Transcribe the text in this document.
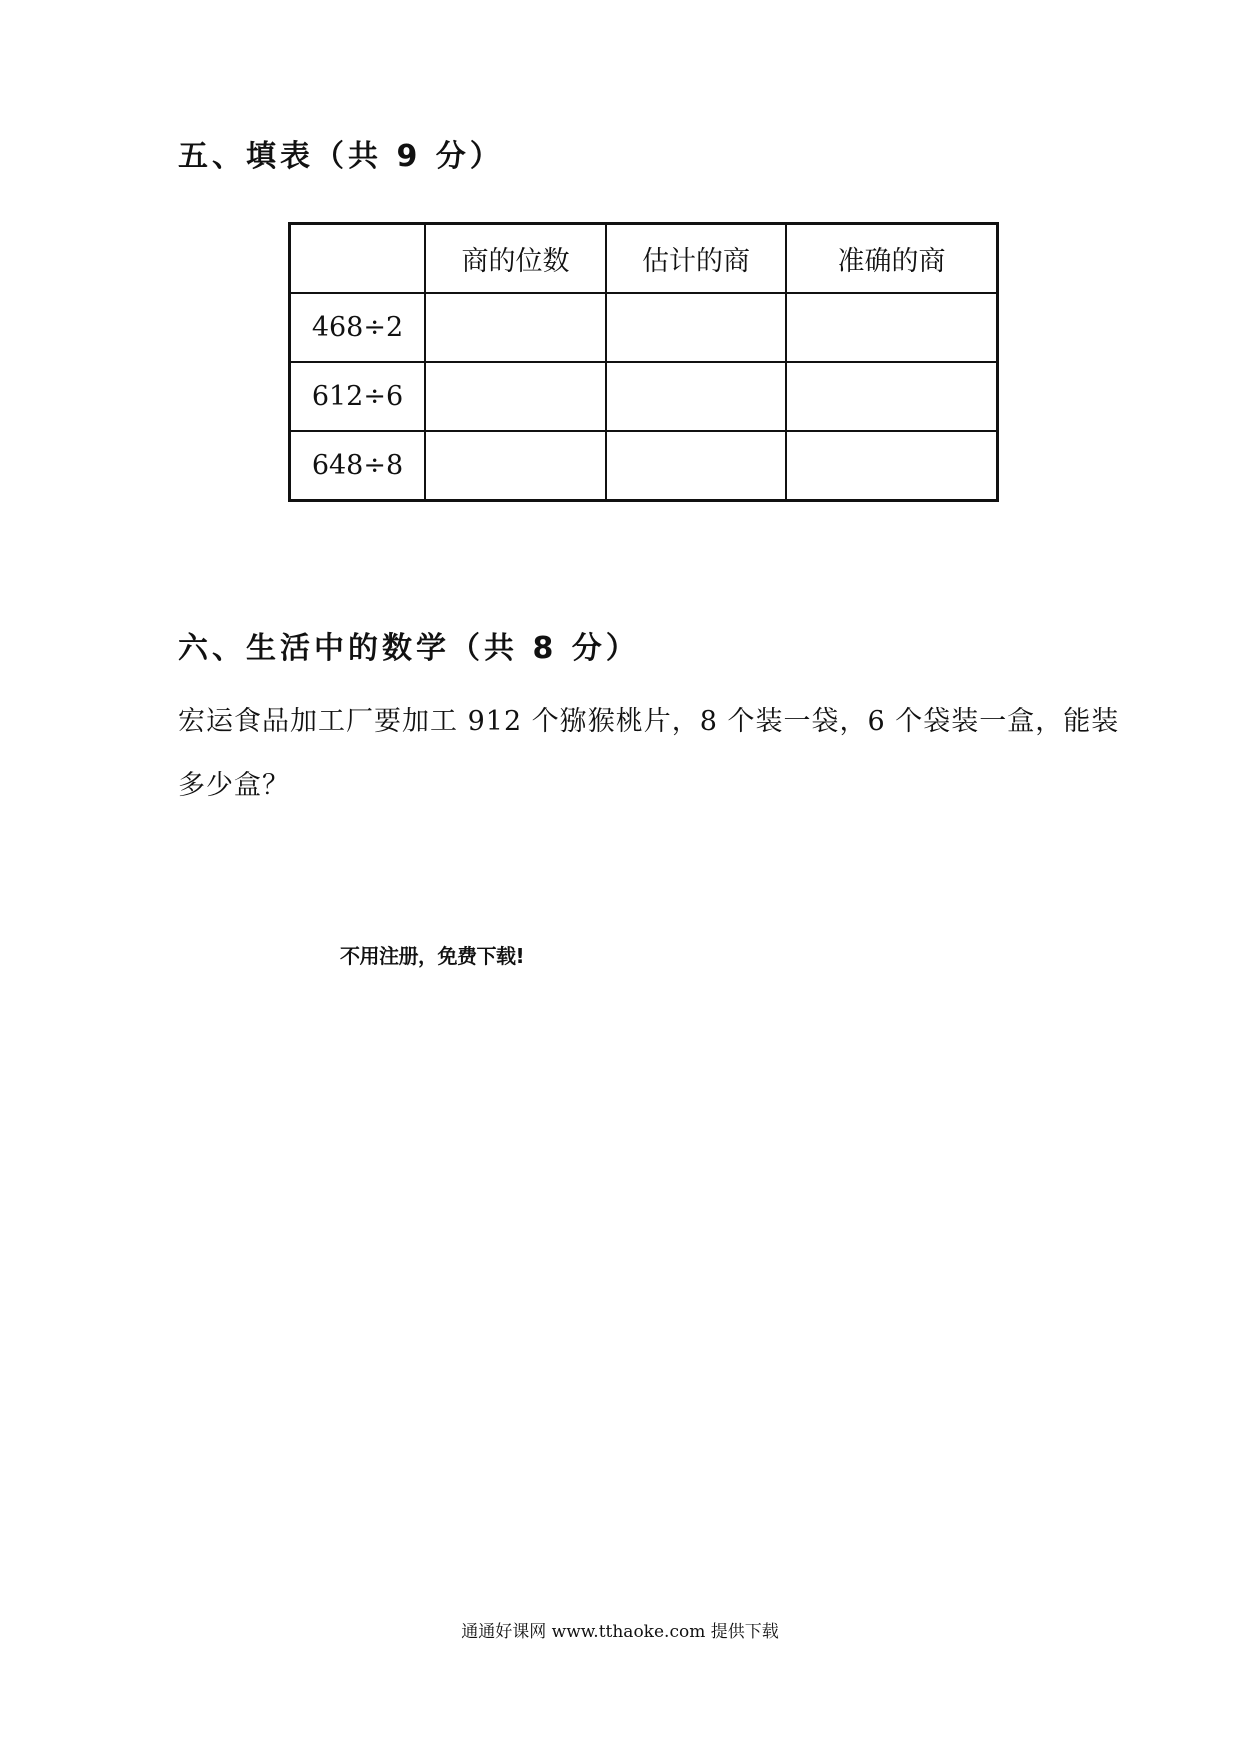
五、填表（共 9 分）
	商的位数	估计的商	准确的商
468÷2			
612÷6			
648÷8			
六、生活中的数学（共 8 分）

宏运食品加工厂要加工 912 个猕猴桃片，8 个装一袋，6 个袋装一盒，能装多少盒？

不用注册，免费下载!

通通好课网 www.tthaoke.com 提供下载
